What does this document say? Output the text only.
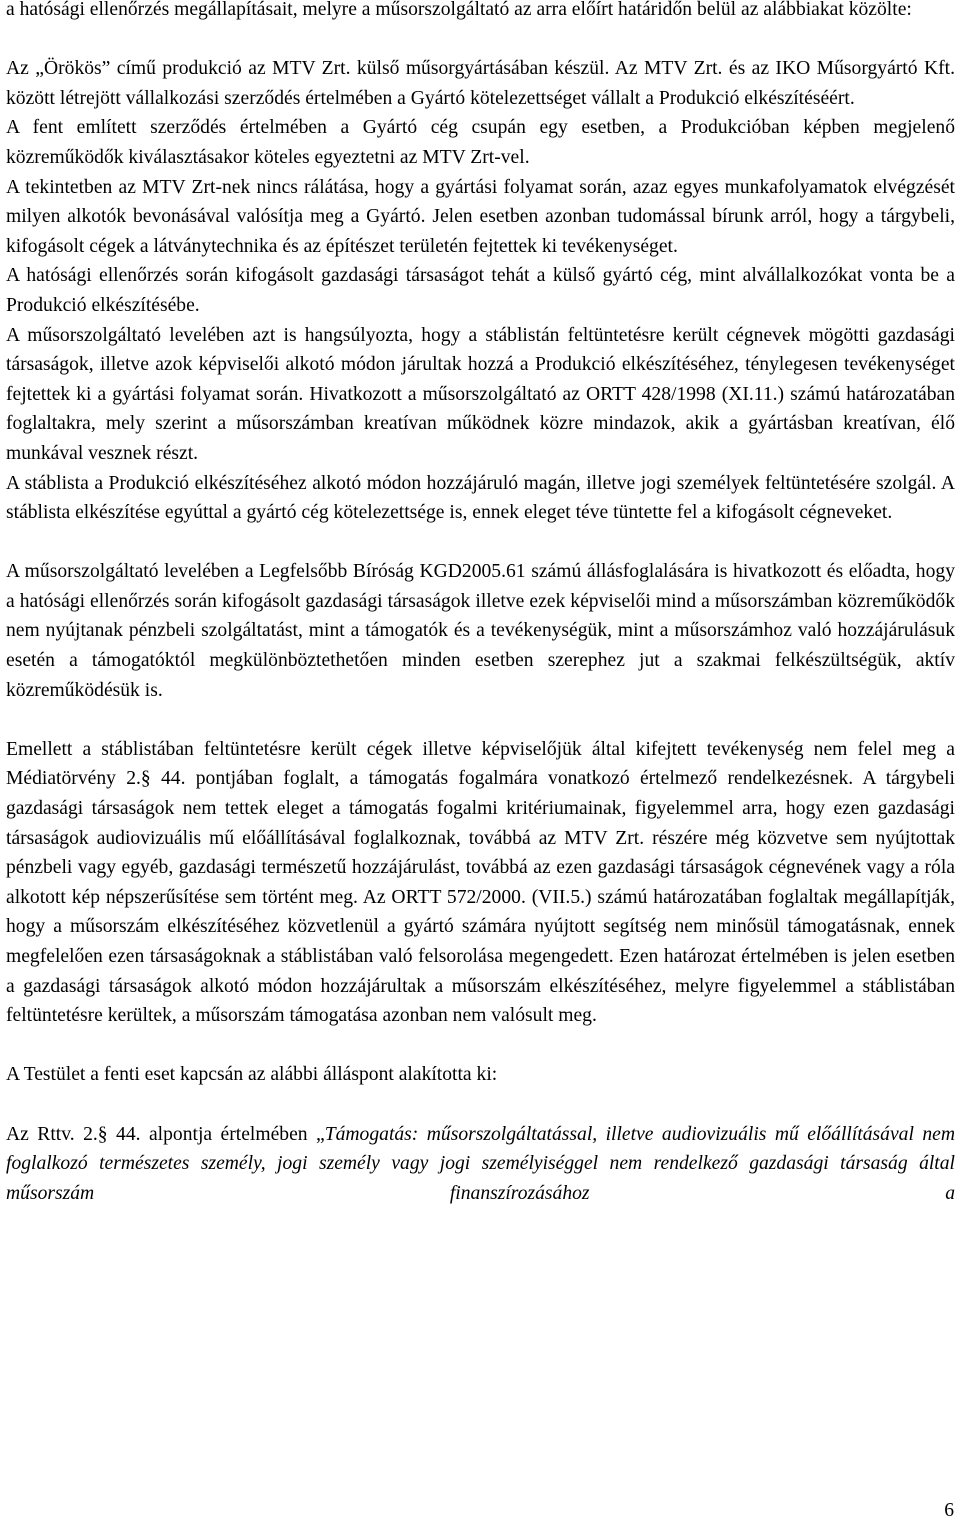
a hatósági ellenőrzés megállapításait, melyre a műsorszolgáltató az arra előírt határidőn belül az alábbiakat közölte:

Az „Örökös” című produkció az MTV Zrt. külső műsorgyártásában készül. Az MTV Zrt. és az IKO Műsorgyártó Kft. között létrejött vállalkozási szerződés értelmében a Gyártó kötelezettséget vállalt a Produkció elkészítéséért.

A fent említett szerződés értelmében a Gyártó cég csupán egy esetben, a Produkcióban képben megjelenő közreműködők kiválasztásakor köteles egyeztetni az MTV Zrt-vel.

A tekintetben az MTV Zrt-nek nincs rálátása, hogy a gyártási folyamat során, azaz egyes munkafolyamatok elvégzését milyen alkotók bevonásával valósítja meg a Gyártó. Jelen esetben azonban tudomással bírunk arról, hogy a tárgybeli, kifogásolt cégek a látványtechnika és az építészet területén fejtettek ki tevékenységet.

A hatósági ellenőrzés során kifogásolt gazdasági társaságot tehát a külső gyártó cég, mint alvállalkozókat vonta be a Produkció elkészítésébe.

A műsorszolgáltató levelében azt is hangsúlyozta, hogy a stáblistán feltüntetésre került cégnevek mögötti gazdasági társaságok, illetve azok képviselői alkotó módon járultak hozzá a Produkció elkészítéséhez, ténylegesen tevékenységet fejtettek ki a gyártási folyamat során. Hivatkozott a műsorszolgáltató az ORTT 428/1998 (XI.11.) számú határozatában foglaltakra, mely szerint a műsorszámban kreatívan működnek közre mindazok, akik a gyártásban kreatívan, élő munkával vesznek részt.

A stáblista a Produkció elkészítéséhez alkotó módon hozzájáruló magán, illetve jogi személyek feltüntetésére szolgál. A stáblista elkészítése egyúttal a gyártó cég kötelezettsége is, ennek eleget téve tüntette fel a kifogásolt cégneveket.

A műsorszolgáltató levelében a Legfelsőbb Bíróság KGD2005.61 számú állásfoglalására is hivatkozott és előadta, hogy a hatósági ellenőrzés során kifogásolt gazdasági társaságok illetve ezek képviselői mind a műsorszámban közreműködők nem nyújtanak pénzbeli szolgáltatást, mint a támogatók és a tevékenységük, mint a műsorszámhoz való hozzájárulásuk esetén a támogatóktól megkülönböztethetően minden esetben szerephez jut a szakmai felkészültségük, aktív közreműködésük is.

Emellett a stáblistában feltüntetésre került cégek illetve képviselőjük által kifejtett tevékenység nem felel meg a Médiatörvény 2.§ 44. pontjában foglalt, a támogatás fogalmára vonatkozó értelmező rendelkezésnek. A tárgybeli gazdasági társaságok nem tettek eleget a támogatás fogalmi kritériumainak, figyelemmel arra, hogy ezen gazdasági társaságok audiovizuális mű előállításával foglalkoznak, továbbá az MTV Zrt. részére még közvetve sem nyújtottak pénzbeli vagy egyéb, gazdasági természetű hozzájárulást, továbbá az ezen gazdasági társaságok cégnevének vagy a róla alkotott kép népszerűsítése sem történt meg. Az ORTT 572/2000. (VII.5.) számú határozatában foglaltak megállapítják, hogy a műsorszám elkészítéséhez közvetlenül a gyártó számára nyújtott segítség nem minősül támogatásnak, ennek megfelelően ezen társaságoknak a stáblistában való felsorolása megengedett. Ezen határozat értelmében is jelen esetben a gazdasági társaságok alkotó módon hozzájárultak a műsorszám elkészítéséhez, melyre figyelemmel a stáblistában feltüntetésre kerültek, a műsorszám támogatása azonban nem valósult meg.

A Testület a fenti eset kapcsán az alábbi álláspont alakította ki:

Az Rttv. 2.§ 44. alpontja értelmében „Támogatás: műsorszolgáltatással, illetve audiovizuális mű előállításával nem foglalkozó természetes személy, jogi személy vagy jogi személyiséggel nem rendelkező gazdasági társaság által műsorszám finanszírozásához a

6
